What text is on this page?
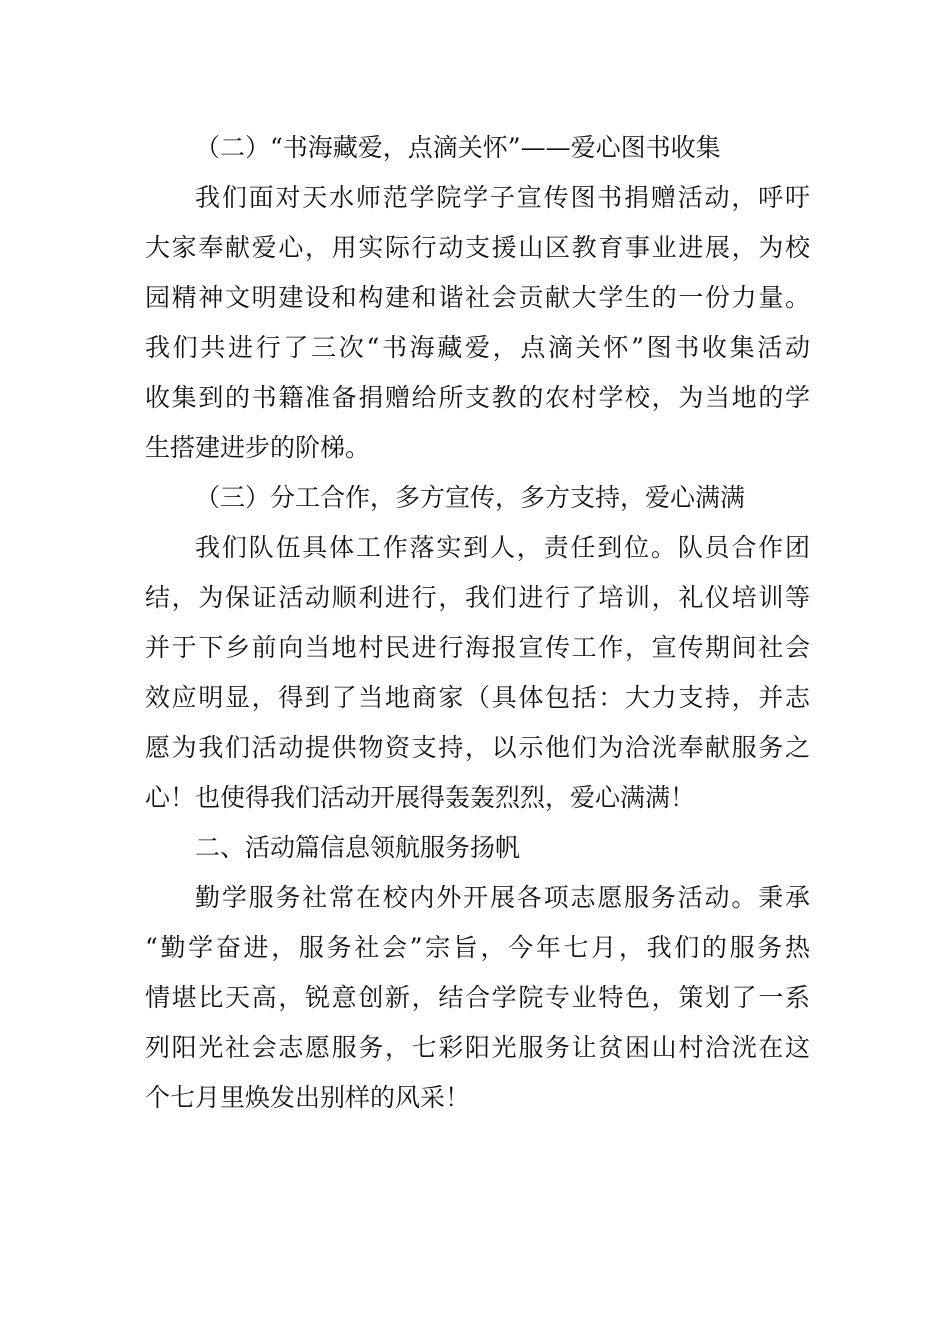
（二）“书海藏爱，点滴关怀”——爱心图书收集
我们面对天水师范学院学子宣传图书捐赠活动，呼吁
大家奉献爱心，用实际行动支援山区教育事业进展，为校
园精神文明建设和构建和谐社会贡献大学生的一份力量。
我们共进行了三次“书海藏爱，点滴关怀”图书收集活动
收集到的书籍准备捐赠给所支教的农村学校，为当地的学
生搭建进步的阶梯。
（三）分工合作，多方宣传，多方支持，爱心满满
我们队伍具体工作落实到人，责任到位。队员合作团
结，为保证活动顺利进行，我们进行了培训，礼仪培训等
并于下乡前向当地村民进行海报宣传工作，宣传期间社会
效应明显，得到了当地商家（具体包括：大力支持，并志
愿为我们活动提供物资支持，以示他们为洽洸奉献服务之
心！也使得我们活动开展得轰轰烈烈，爱心满满！
二、活动篇信息领航服务扬帆
勤学服务社常在校内外开展各项志愿服务活动。秉承
“勤学奋进，服务社会”宗旨，今年七月，我们的服务热
情堪比天高，锐意创新，结合学院专业特色，策划了一系
列阳光社会志愿服务，七彩阳光服务让贫困山村洽洸在这
个七月里焕发出别样的风采！
